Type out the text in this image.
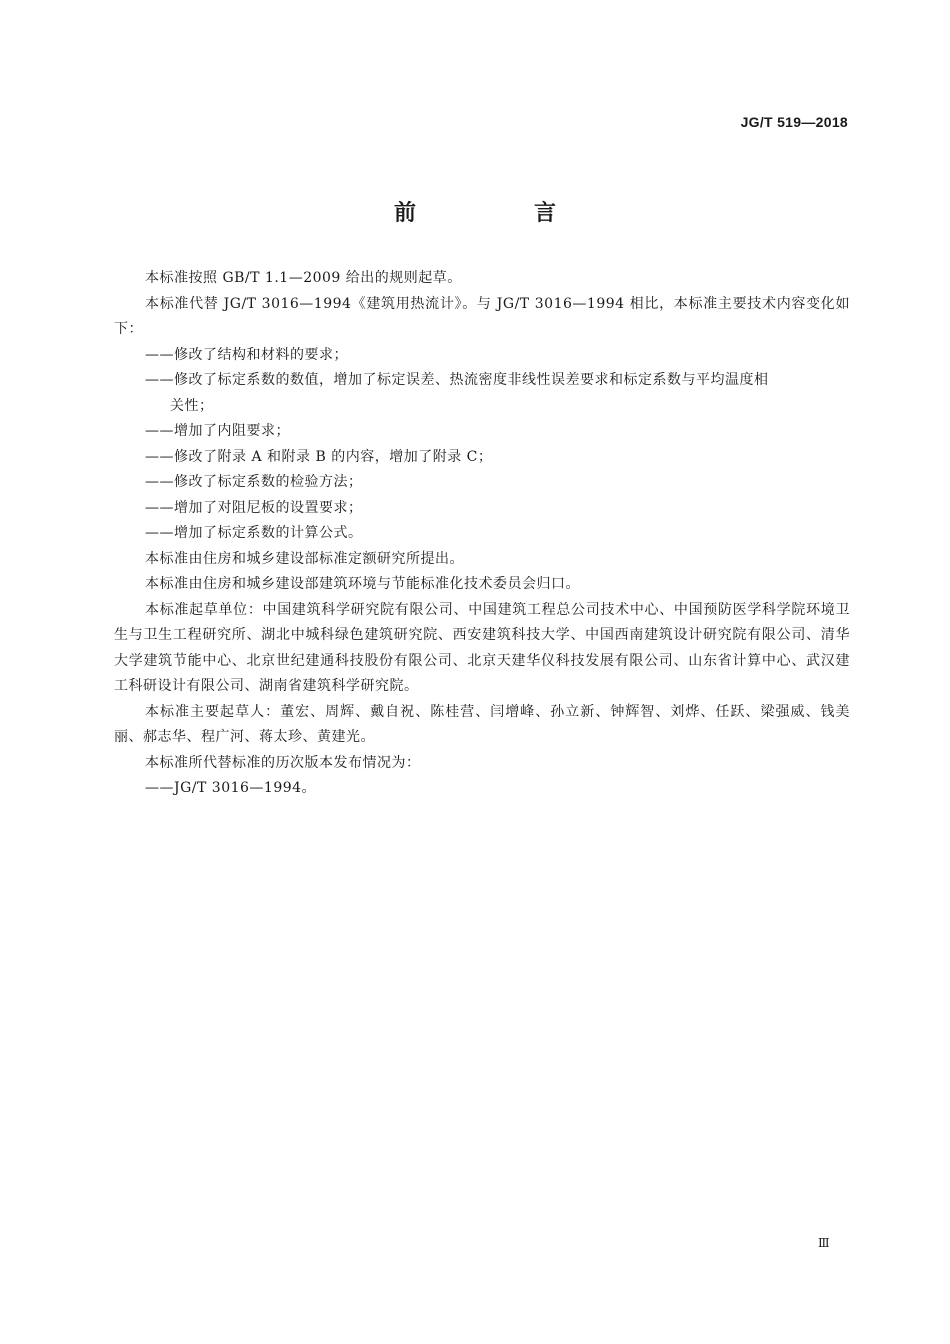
JG/T 519—2018
前　言

本标准按照 GB/T 1.1—2009 给出的规则起草。

本标准代替 JG/T 3016—1994《建筑用热流计》。与 JG/T 3016—1994 相比，本标准主要技术内容变化如下：

——修改了结构和材料的要求；

——修改了标定系数的数值，增加了标定误差、热流密度非线性误差要求和标定系数与平均温度相

关性；

——增加了内阻要求；

——修改了附录 A 和附录 B 的内容，增加了附录 C；

——修改了标定系数的检验方法；

——增加了对阻尼板的设置要求；

——增加了标定系数的计算公式。

本标准由住房和城乡建设部标准定额研究所提出。

本标准由住房和城乡建设部建筑环境与节能标准化技术委员会归口。

本标准起草单位：中国建筑科学研究院有限公司、中国建筑工程总公司技术中心、中国预防医学科学院环境卫生与卫生工程研究所、湖北中城科绿色建筑研究院、西安建筑科技大学、中国西南建筑设计研究院有限公司、清华大学建筑节能中心、北京世纪建通科技股份有限公司、北京天建华仪科技发展有限公司、山东省计算中心、武汉建工科研设计有限公司、湖南省建筑科学研究院。

本标准主要起草人：董宏、周辉、戴自祝、陈桂营、闫增峰、孙立新、钟辉智、刘烨、任跃、梁强威、钱美丽、郝志华、程广河、蒋太珍、黄建光。

本标准所代替标准的历次版本发布情况为：

——JG/T 3016—1994。

Ⅲ
